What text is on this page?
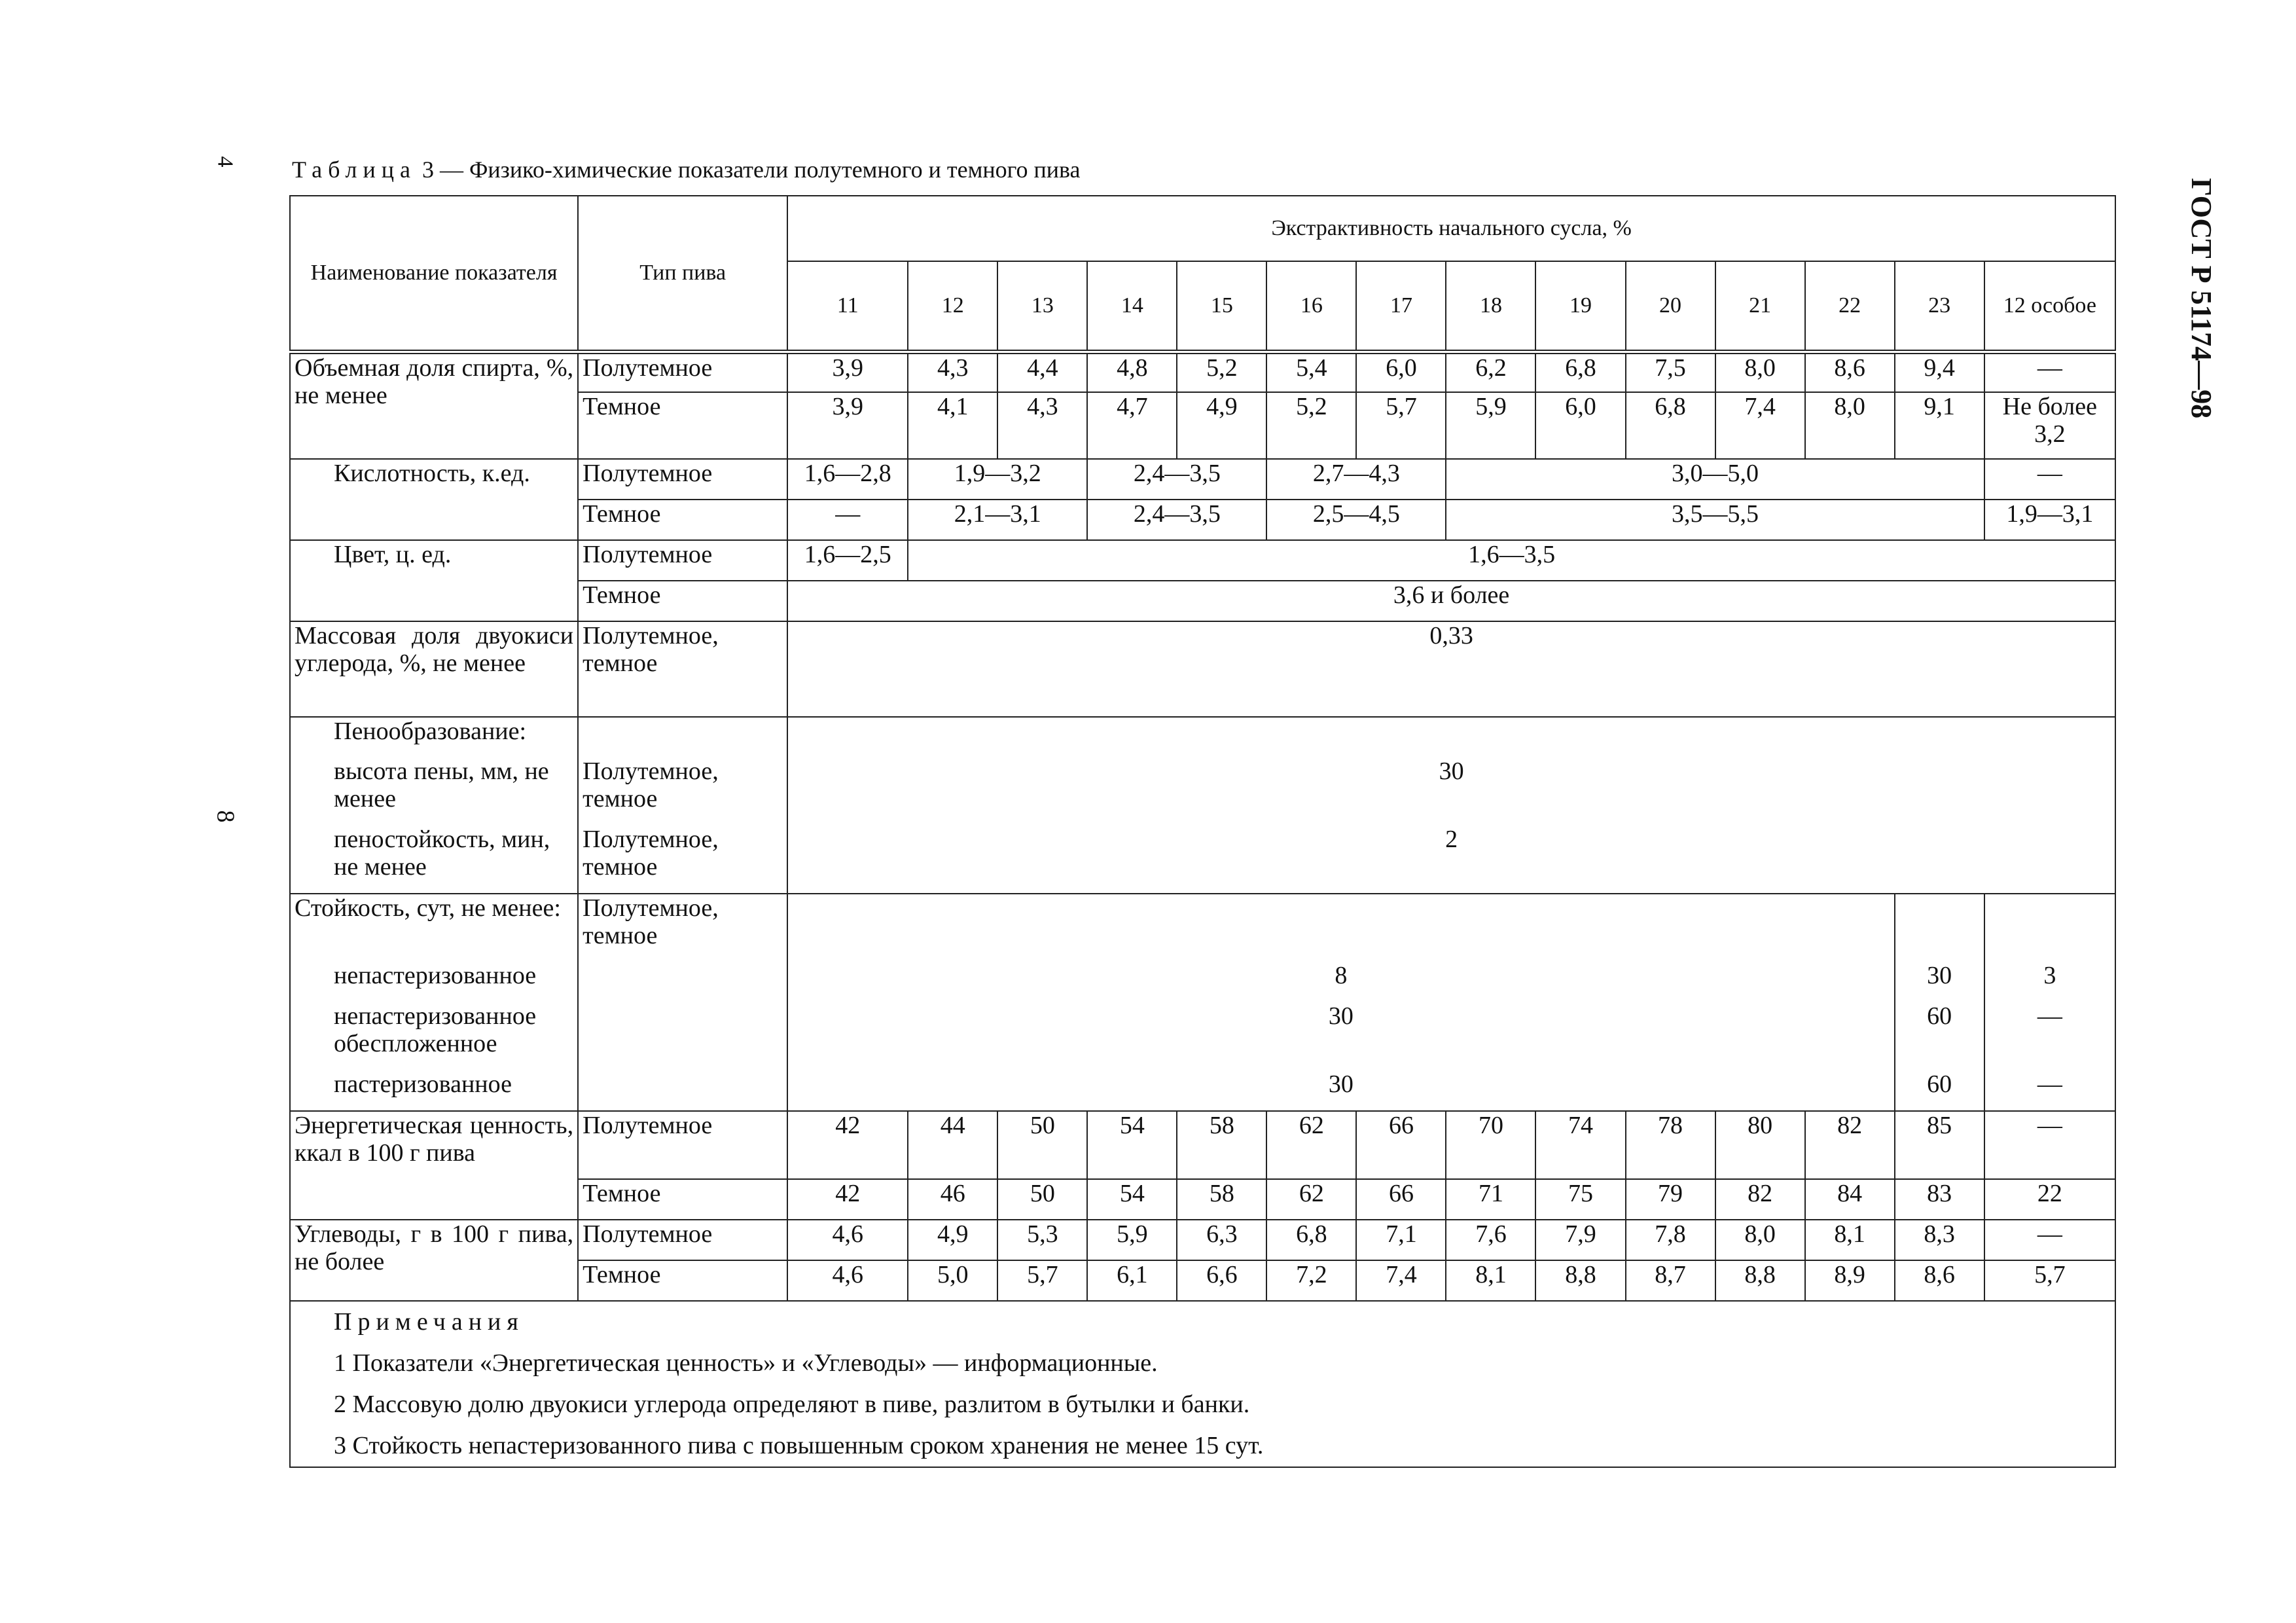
4
8
ГОСТ Р 51174—98
Таблица 3 — Физико-химические показатели полутемного и темного пива
Наименование показателя	Тип пива	Экстрактивность начального сусла, %													
		11	12	13	14	15	16	17	18	19	20	21	22	23	12 особое
Объемная доля спирта, %, не менее	Полутемное	3,9	4,3	4,4	4,8	5,2	5,4	6,0	6,2	6,8	7,5	8,0	8,6	9,4	—
	Темное	3,9	4,1	4,3	4,7	4,9	5,2	5,7	5,9	6,0	6,8	7,4	8,0	9,1	Не более 3,2
Кислотность, к.ед.	Полутемное	1,6—2,8	1,9—3,2		2,4—3,5		2,7—4,3		3,0—5,0						—
	Темное	—	2,1—3,1		2,4—3,5		2,5—4,5		3,5—5,5						1,9—3,1
Цвет, ц. ед.	Полутемное	1,6—2,5	1,6—3,5												
	Темное	3,6 и более													
Массовая доля двуокиси углерода, %, не менее	Полутемное, темное	0,33													
Пенообразование:															
высота пены, мм, не менее	Полутемное, темное	30													
пеностойкость, мин, не менее	Полутемное, темное	2													
Стойкость, сут, не менее:	Полутемное, темное														
непастеризованное		8												30	3
непастеризованное обеспложенное		30												60	—
пастеризованное		30												60	—
Энергетическая ценность, ккал в 100 г пива	Полутемное	42	44	50	54	58	62	66	70	74	78	80	82	85	—
	Темное	42	46	50	54	58	62	66	71	75	79	82	84	83	22
Углеводы, г в 100 г пива, не более	Полутемное	4,6	4,9	5,3	5,9	6,3	6,8	7,1	7,6	7,9	7,8	8,0	8,1	8,3	—
	Темное	4,6	5,0	5,7	6,1	6,6	7,2	7,4	8,1	8,8	8,7	8,8	8,9	8,6	5,7

Примечания

1 Показатели «Энергетическая ценность» и «Углеводы» — информационные.

2 Массовую долю двуокиси углерода определяют в пиве, разлитом в бутылки и банки.

3 Стойкость непастеризованного пива с повышенным сроком хранения не менее 15 сут.															
